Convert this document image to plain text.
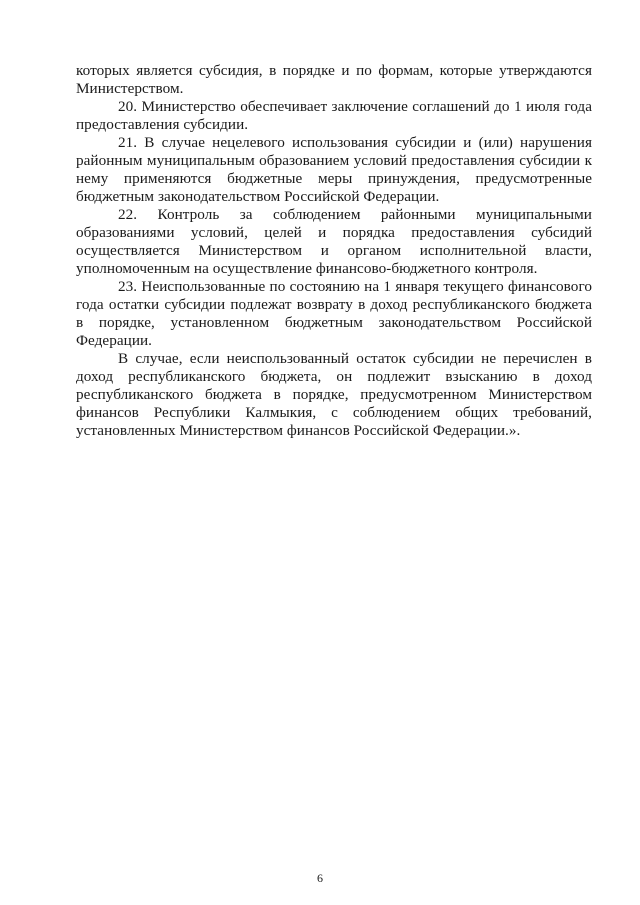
которых является субсидия, в порядке и по формам, которые утверждаются Министерством.

20. Министерство обеспечивает заключение соглашений до 1 июля года предоставления субсидии.

21. В случае нецелевого использования субсидии и (или) нарушения районным муниципальным образованием условий предоставления субсидии к нему применяются бюджетные меры принуждения, предусмотренные бюджетным законодательством Российской Федерации.

22. Контроль за соблюдением районными муниципальными образованиями условий, целей и порядка предоставления субсидий осуществляется Министерством и органом исполнительной власти, уполномоченным на осуществление финансово-бюджетного контроля.

23. Неиспользованные по состоянию на 1 января текущего финансового года остатки субсидии подлежат возврату в доход республиканского бюджета в порядке, установленном бюджетным законодательством Российской Федерации.

В случае, если неиспользованный остаток субсидии не перечислен в доход республиканского бюджета, он подлежит взысканию в доход республиканского бюджета в порядке, предусмотренном Министерством финансов Республики Калмыкия, с соблюдением общих требований, установленных Министерством финансов Российской Федерации.».

6
